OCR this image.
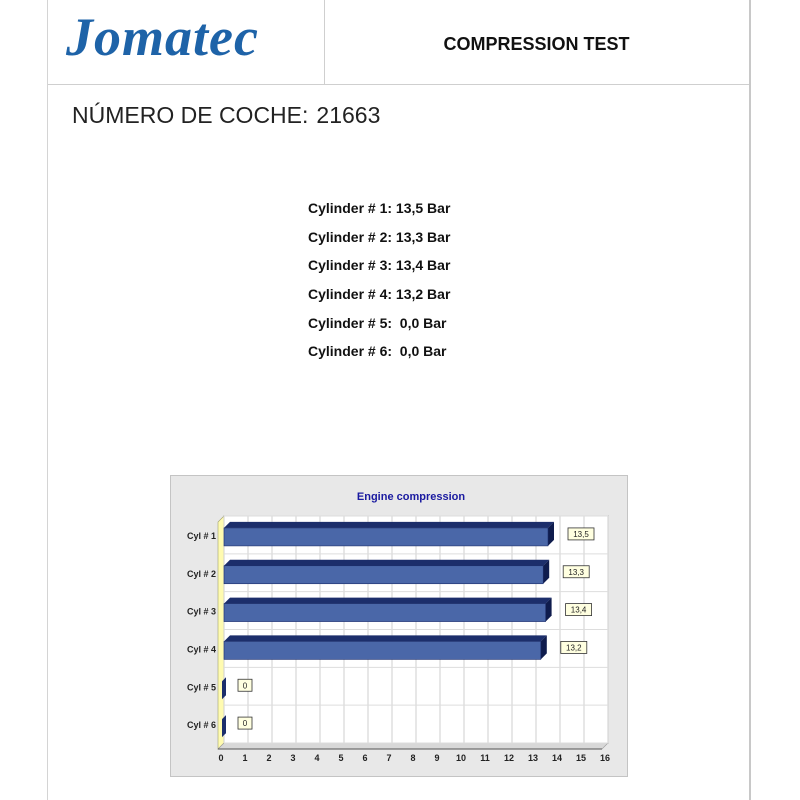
Jomatec	COMPRESSION TEST
NÚMERO DE COCHE: 21663
Cylinder # 1: 13,5 Bar
Cylinder # 2: 13,3 Bar
Cylinder # 3: 13,4 Bar
Cylinder # 4: 13,2 Bar
Cylinder # 5:  0,0 Bar
Cylinder # 6:  0,0 Bar
0 1 2 3 4 5 6 7 8 9 10 11 12 13 14 15 16
Engine compression
Cyl # 1	13,5
Cyl # 2	13,3
Cyl # 3	13,4
Cyl # 4	13,2
Cyl # 5	0
Cyl # 6	0
